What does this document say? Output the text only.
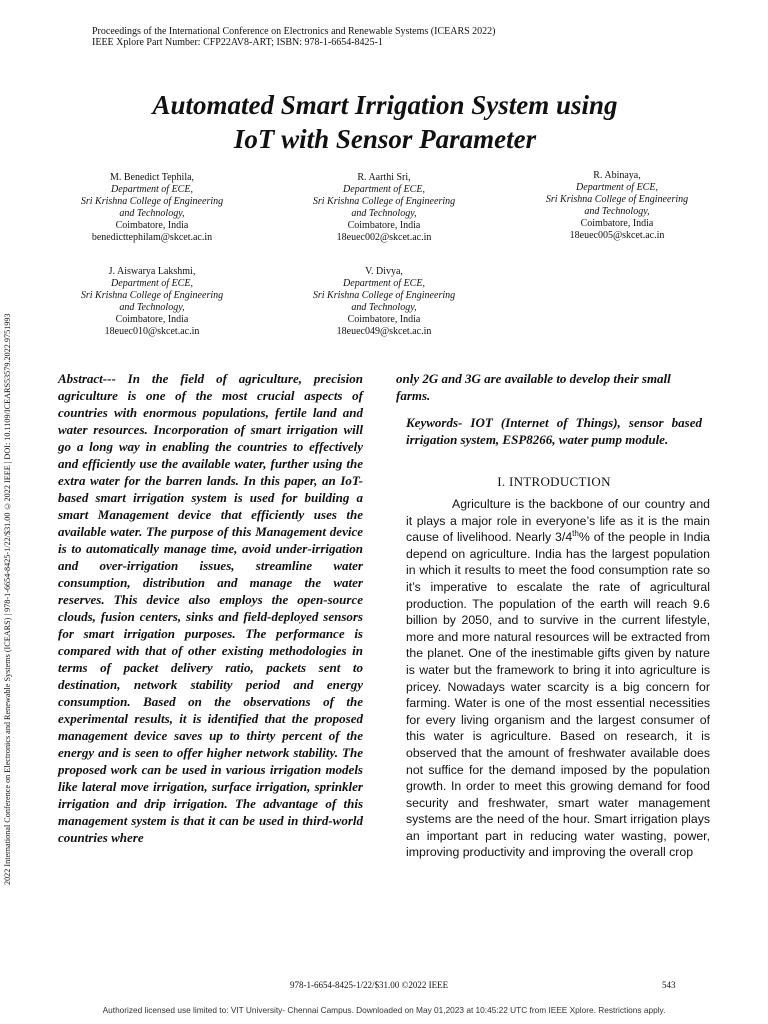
Proceedings of the International Conference on Electronics and Renewable Systems (ICEARS 2022)
IEEE Xplore Part Number: CFP22AV8-ART; ISBN: 978-1-6654-8425-1
Automated Smart Irrigation System using
IoT with Sensor Parameter
M. Benedict Tephila,
Department of ECE,
Sri Krishna College of Engineering
and Technology,
Coimbatore, India
benedicttephilam@skcet.ac.in
R. Aarthi Sri,
Department of ECE,
Sri Krishna College of Engineering
and Technology,
Coimbatore, India
18euec002@skcet.ac.in
R. Abinaya,
Department of ECE,
Sri Krishna College of Engineering
and Technology,
Coimbatore, India
18euec005@skcet.ac.in
J. Aiswarya Lakshmi,
Department of ECE,
Sri Krishna College of Engineering
and Technology,
Coimbatore, India
18euec010@skcet.ac.in
V. Divya,
Department of ECE,
Sri Krishna College of Engineering
and Technology,
Coimbatore, India
18euec049@skcet.ac.in
2022 International Conference on Electronics and Renewable Systems (ICEARS) | 978-1-6654-8425-1/22/$31.00 ©2022 IEEE | DOI: 10.1109/ICEARS53579.2022.9751993	Abstract--- In the field of agriculture, precision agriculture is one of the most crucial aspects of countries with enormous populations, fertile land and water resources. Incorporation of smart irrigation will go a long way in enabling the countries to effectively and efficiently use the available water, further using the extra water for the barren lands. In this paper, an IoT-based smart irrigation system is used for building a smart Management device that efficiently uses the available water. The purpose of this Management device is to automatically manage time, avoid under-irrigation and over-irrigation issues, streamline water consumption, distribution and manage the water reserves. This device also employs the open-source clouds, fusion centers, sinks and field-deployed sensors for smart irrigation purposes. The performance is compared with that of other existing methodologies in terms of packet delivery ratio, packets sent to destination, network stability period and energy consumption. Based on the observations of the experimental results, it is identified that the proposed management device saves up to thirty percent of the energy and is seen to offer higher network stability. The proposed work can be used in various irrigation models like lateral move irrigation, surface irrigation, sprinkler irrigation and drip irrigation. The advantage of this management system is that it can be used in third-world countries where
only 2G and 3G are available to develop their small farms.
Keywords- IOT (Internet of Things), sensor based irrigation system, ESP8266, water pump module.
I. INTRODUCTION

Agriculture is the backbone of our country and it plays a major role in everyone’s life as it is the main cause of livelihood. Nearly 3/4th% of the people in India depend on agriculture. India has the largest population in which it results to meet the food consumption rate so it’s imperative to escalate the rate of agricultural production. The population of the earth will reach 9.6 billion by 2050, and to survive in the current lifestyle, more and more natural resources will be extracted from the planet. One of the inestimable gifts given by nature is water but the framework to bring it into agriculture is pricey. Nowadays water scarcity is a big concern for farming. Water is one of the most essential necessities for every living organism and the largest consumer of this water is agriculture. Based on research, it is observed that the amount of freshwater available does not suffice for the demand imposed by the population growth. In order to meet this growing demand for food security and freshwater, smart water management systems are the need of the hour. Smart irrigation plays an important part in reducing water wasting, power, improving productivity and improving the overall crop

978-1-6654-8425-1/22/$31.00 ©2022 IEEE	543
Authorized licensed use limited to: VIT University- Chennai Campus. Downloaded on May 01,2023 at 10:45:22 UTC from IEEE Xplore. Restrictions apply.
